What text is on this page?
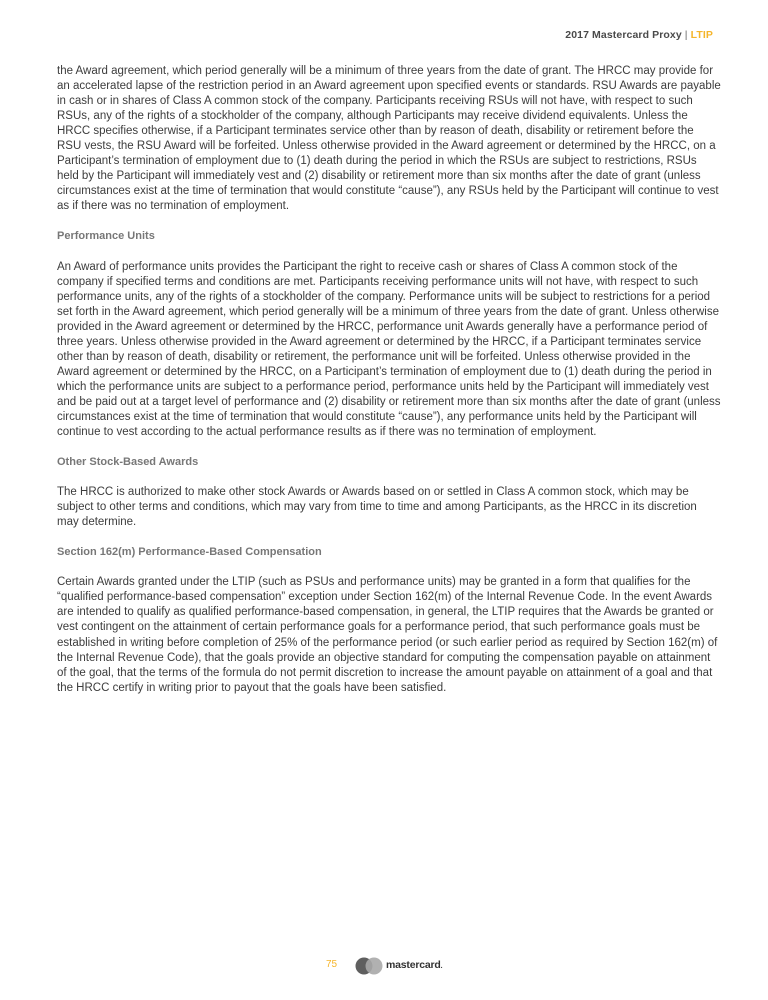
2017 Mastercard Proxy | LTIP

the Award agreement, which period generally will be a minimum of three years from the date of grant. The HRCC may provide for an accelerated lapse of the restriction period in an Award agreement upon specified events or standards. RSU Awards are payable in cash or in shares of Class A common stock of the company. Participants receiving RSUs will not have, with respect to such RSUs, any of the rights of a stockholder of the company, although Participants may receive dividend equivalents. Unless the HRCC specifies otherwise, if a Participant terminates service other than by reason of death, disability or retirement before the RSU vests, the RSU Award will be forfeited. Unless otherwise provided in the Award agreement or determined by the HRCC, on a Participant’s termination of employment due to (1) death during the period in which the RSUs are subject to restrictions, RSUs held by the Participant will immediately vest and (2) disability or retirement more than six months after the date of grant (unless circumstances exist at the time of termination that would constitute “cause”), any RSUs held by the Participant will continue to vest as if there was no termination of employment.

Performance Units

An Award of performance units provides the Participant the right to receive cash or shares of Class A common stock of the company if specified terms and conditions are met. Participants receiving performance units will not have, with respect to such performance units, any of the rights of a stockholder of the company. Performance units will be subject to restrictions for a period set forth in the Award agreement, which period generally will be a minimum of three years from the date of grant. Unless otherwise provided in the Award agreement or determined by the HRCC, performance unit Awards generally have a performance period of three years. Unless otherwise provided in the Award agreement or determined by the HRCC, if a Participant terminates service other than by reason of death, disability or retirement, the performance unit will be forfeited. Unless otherwise provided in the Award agreement or determined by the HRCC, on a Participant’s termination of employment due to (1) death during the period in which the performance units are subject to a performance period, performance units held by the Participant will immediately vest and be paid out at a target level of performance and (2) disability or retirement more than six months after the date of grant (unless circumstances exist at the time of termination that would constitute “cause”), any performance units held by the Participant will continue to vest according to the actual performance results as if there was no termination of employment.

Other Stock-Based Awards

The HRCC is authorized to make other stock Awards or Awards based on or settled in Class A common stock, which may be subject to other terms and conditions, which may vary from time to time and among Participants, as the HRCC in its discretion may determine.

Section 162(m) Performance-Based Compensation

Certain Awards granted under the LTIP (such as PSUs and performance units) may be granted in a form that qualifies for the “qualified performance-based compensation” exception under Section 162(m) of the Internal Revenue Code. In the event Awards are intended to qualify as qualified performance-based compensation, in general, the LTIP requires that the Awards be granted or vest contingent on the attainment of certain performance goals for a performance period, that such performance goals must be established in writing before completion of 25% of the performance period (or such earlier period as required by Section 162(m) of the Internal Revenue Code), that the goals provide an objective standard for computing the compensation payable on attainment of the goal, that the terms of the formula do not permit discretion to increase the amount payable on attainment of a goal and that the HRCC certify in writing prior to payout that the goals have been satisfied.

75	mastercard.
